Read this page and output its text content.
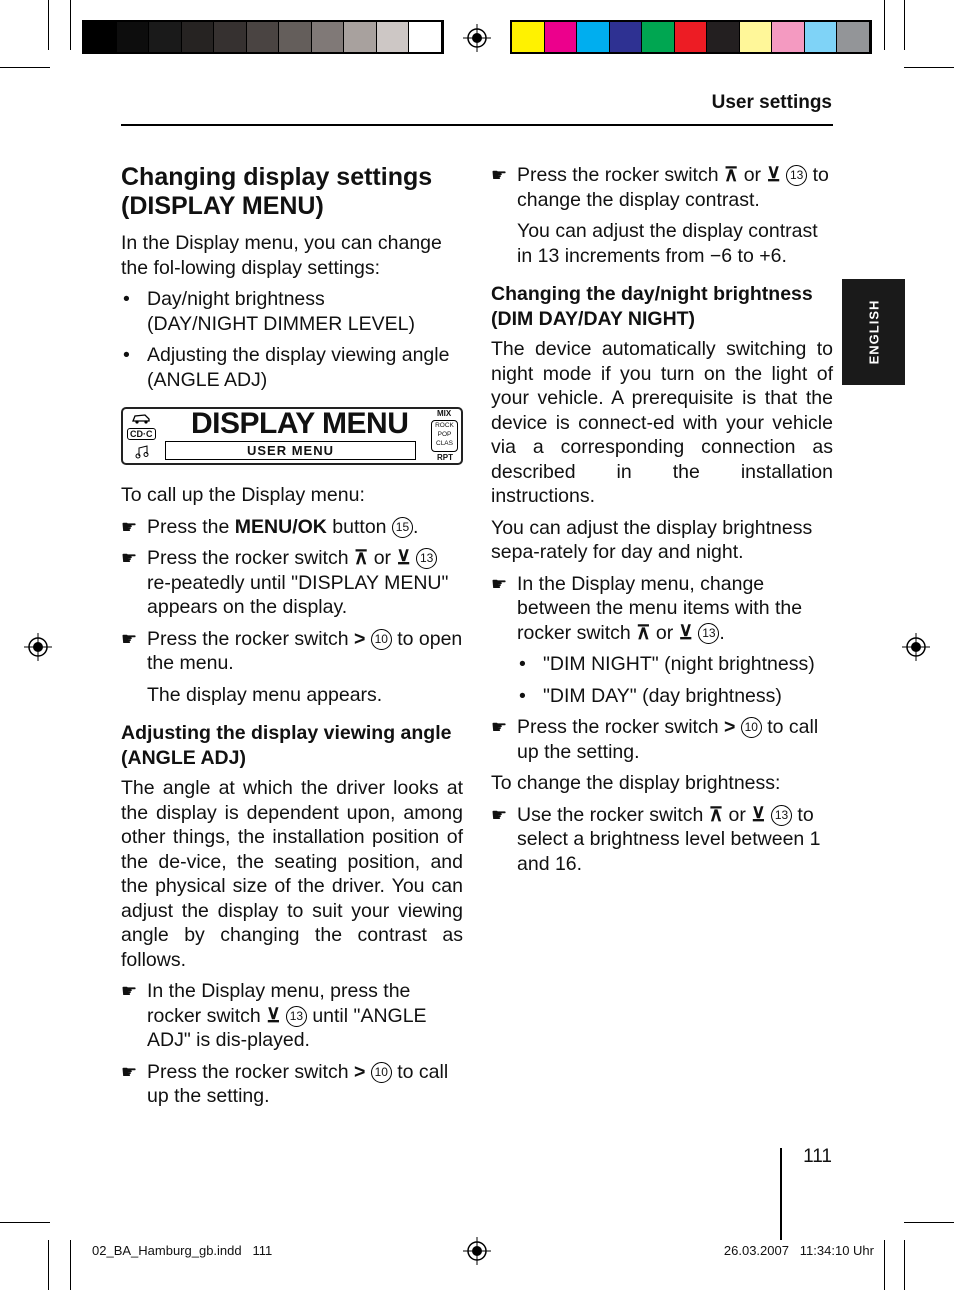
User settings
ENGLISH
Changing display settings
(DISPLAY MENU)

In the Display menu, you can change the fol-lowing display settings:

• Day/night brightness
(DAY/NIGHT DIMMER LEVEL)
• Adjusting the display viewing angle
(ANGLE ADJ)
CD·C DISPLAY MENU
USER MENU
MIX
ROCK
POP
CLAS
RPT

To call up the Display menu:

☛ Press the MENU/OK button 15 .
☛ Press the rocker switch ⊼ or ⊻ 13 re-peatedly until "DISPLAY MENU" appears on the display.
☛ Press the rocker switch > 10 to open the menu.

The display menu appears.

Adjusting the display viewing angle
(ANGLE ADJ)

The angle at which the driver looks at the display is dependent upon, among other things, the installation position of the de-vice, the seating position, and the physical size of the driver. You can adjust the display to suit your viewing angle by changing the contrast as follows.

☛ In the Display menu, press the rocker switch ⊻ 13 until "ANGLE ADJ" is dis-played.
☛ Press the rocker switch > 10 to call up the setting.
☛ Press the rocker switch ⊼ or ⊻ 13 to change the display contrast.

You can adjust the display contrast in 13 increments from −6 to +6.

Changing the day/night brightness
(DIM DAY/DAY NIGHT)

The device automatically switching to night mode if you turn on the light of your vehicle. A prerequisite is that the device is connect-ed with your vehicle via a corresponding connection as described in the installation instructions.

You can adjust the display brightness sepa-rately for day and night.

☛ In the Display menu, change between the menu items with the rocker switch ⊼ or ⊻ 13 .
• "DIM NIGHT" (night brightness)
• "DIM DAY" (day brightness)
☛ Press the rocker switch > 10 to call up the setting.

To change the display brightness:

☛ Use the rocker switch ⊼ or ⊻ 13 to select a brightness level between 1 and 16.
111
02_BA_Hamburg_gb.indd   111	26.03.2007   11:34:10 Uhr
